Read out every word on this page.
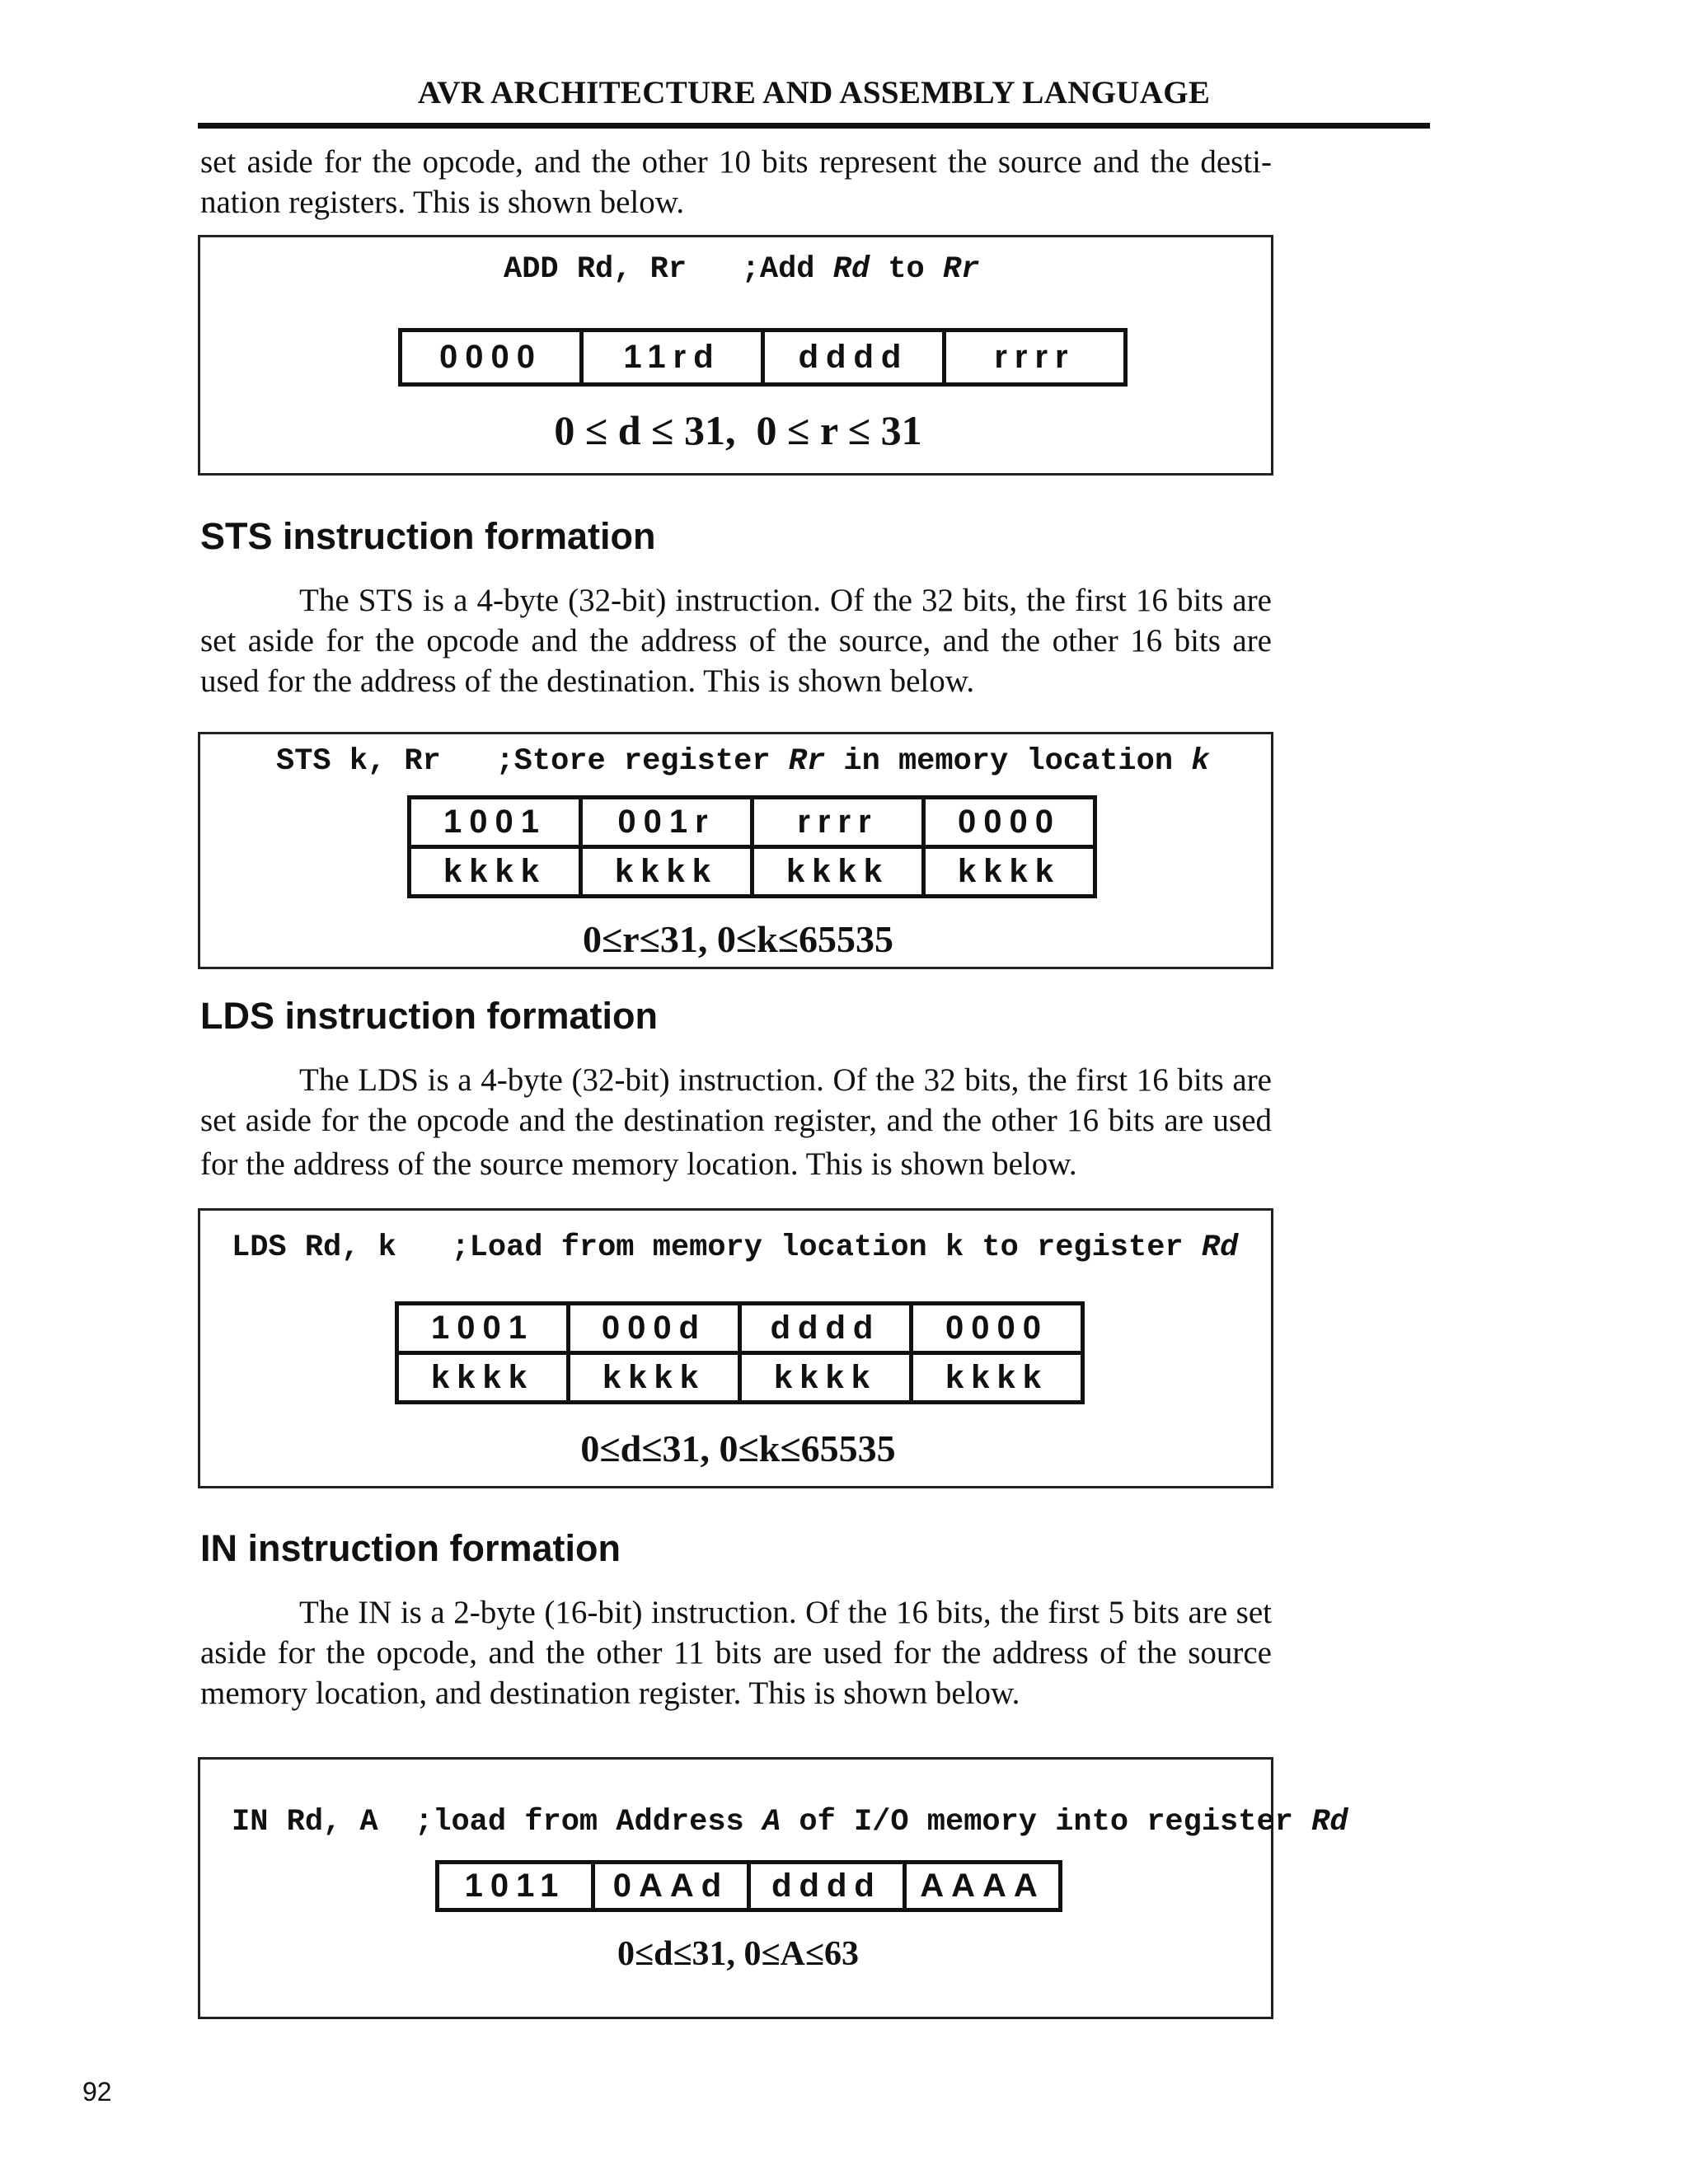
AVR ARCHITECTURE AND ASSEMBLY LANGUAGE
set aside for the opcode, and the other 10 bits represent the source and the desti-
nation registers. This is shown below.
ADD Rd, Rr ;Add Rd to Rr
0000	11rd	dddd	rrrr
0 ≤ d ≤ 31,  0 ≤ r ≤ 31
STS instruction formation
The STS is a 4-byte (32-bit) instruction. Of the 32 bits, the first 16 bits are
set aside for the opcode and the address of the source, and the other 16 bits are
used for the address of the destination. This is shown below.
STS k, Rr ;Store register Rr in memory location k
1001	001r	rrrr	0000
kkkk	kkkk	kkkk	kkkk
0≤r≤31, 0≤k≤65535
LDS instruction formation
The LDS is a 4-byte (32-bit) instruction. Of the 32 bits, the first 16 bits are
set aside for the opcode and the destination register, and the other 16 bits are used
for the address of the source memory location. This is shown below.
LDS Rd, k ;Load from memory location k to register Rd
1001	000d	dddd	0000
kkkk	kkkk	kkkk	kkkk
0≤d≤31, 0≤k≤65535
IN instruction formation
The IN is a 2-byte (16-bit) instruction. Of the 16 bits, the first 5 bits are set
aside for the opcode, and the other 11 bits are used for the address of the source
memory location, and destination register. This is shown below.
IN Rd, A ;load from Address A of I/O memory into register Rd
1011	0AAd	dddd	AAAA
0≤d≤31, 0≤A≤63
92
